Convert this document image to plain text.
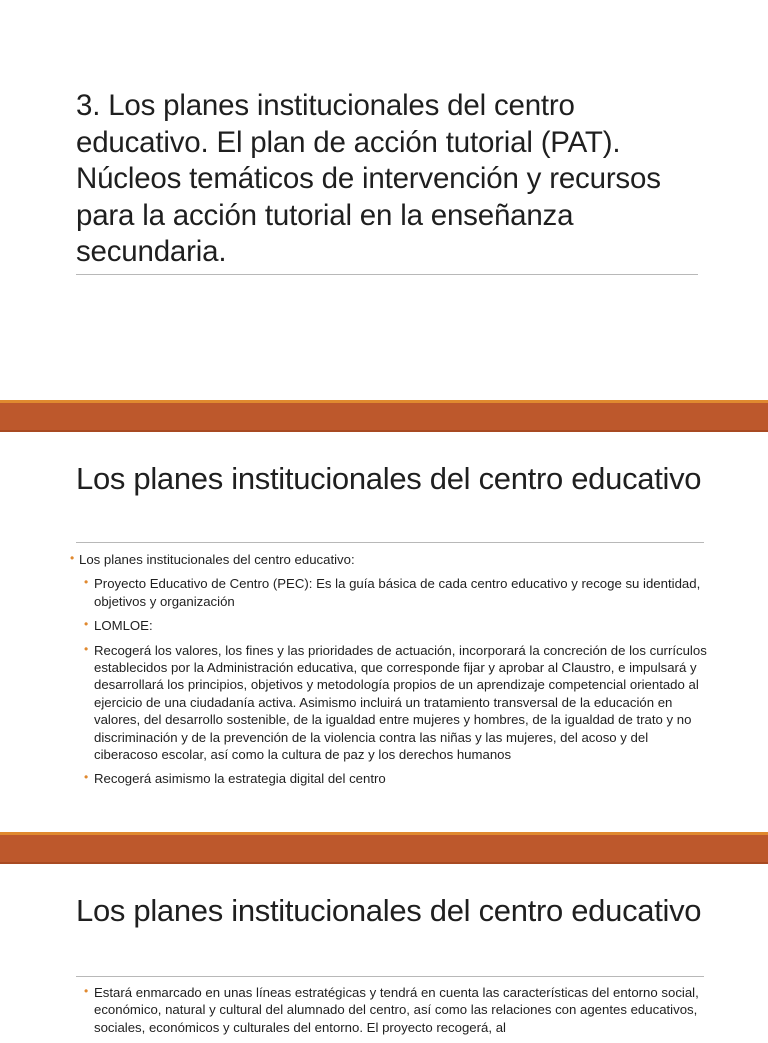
3. Los planes institucionales del centro educativo. El plan de acción tutorial (PAT). Núcleos temáticos de intervención y recursos para la acción tutorial en la enseñanza secundaria.
Los planes institucionales del centro educativo

• Los planes institucionales del centro educativo:

• Proyecto Educativo de Centro (PEC): Es la guía básica de cada centro educativo y recoge su identidad, objetivos y organización

• LOMLOE:

• Recogerá los valores, los fines y las prioridades de actuación, incorporará la concreción de los currículos establecidos por la Administración educativa, que corresponde fijar y aprobar al Claustro, e impulsará y desarrollará los principios, objetivos y metodología propios de un aprendizaje competencial orientado al ejercicio de una ciudadanía activa. Asimismo incluirá un tratamiento transversal de la educación en valores, del desarrollo sostenible, de la igualdad entre mujeres y hombres, de la igualdad de trato y no discriminación y de la prevención de la violencia contra las niñas y las mujeres, del acoso y del ciberacoso escolar, así como la cultura de paz y los derechos humanos

• Recogerá asimismo la estrategia digital del centro

Los planes institucionales del centro educativo

• Estará enmarcado en unas líneas estratégicas y tendrá en cuenta las características del entorno social, económico, natural y cultural del alumnado del centro, así como las relaciones con agentes educativos, sociales, económicos y culturales del entorno. El proyecto recogerá, al
